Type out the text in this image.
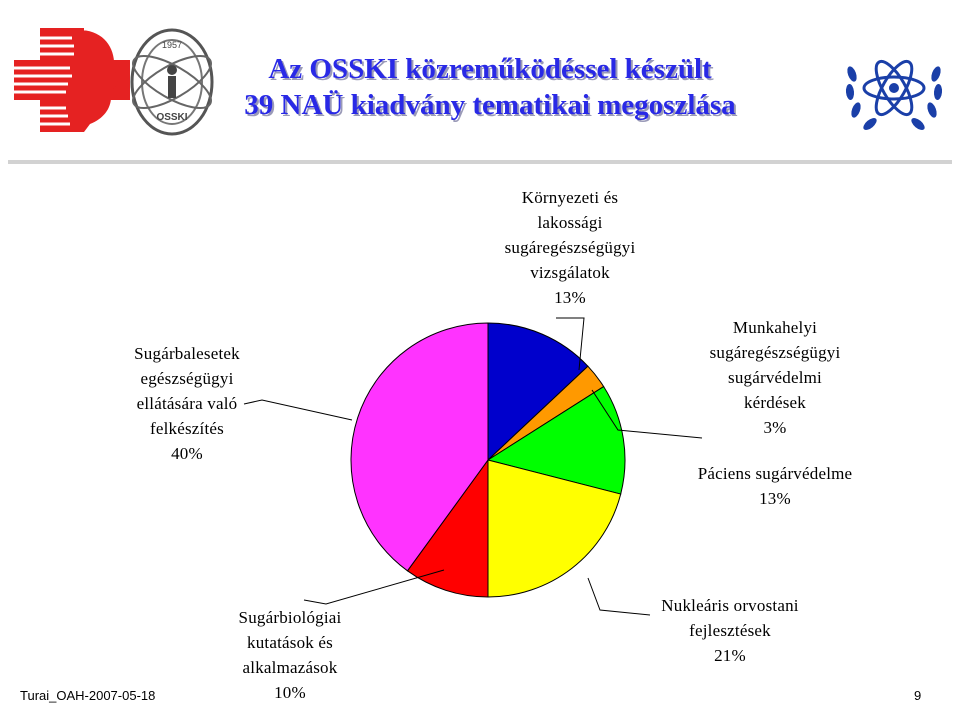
1957
OSSKI
Az OSSKI közreműködéssel készült
39 NAÜ kiadvány tematikai megoszlása
Környezeti és
lakossági
sugáregészségügyi
vizsgálatok
13%
Munkahelyi
sugáregészségügyi
sugárvédelmi
kérdések
3%
Páciens sugárvédelme
13%
Nukleáris orvostani
fejlesztések
21%
Sugárbiológiai
kutatások és
alkalmazások
10%
Sugárbalesetek
egészségügyi
ellátására való
felkészítés
40%
Turai_OAH-2007-05-18	9
